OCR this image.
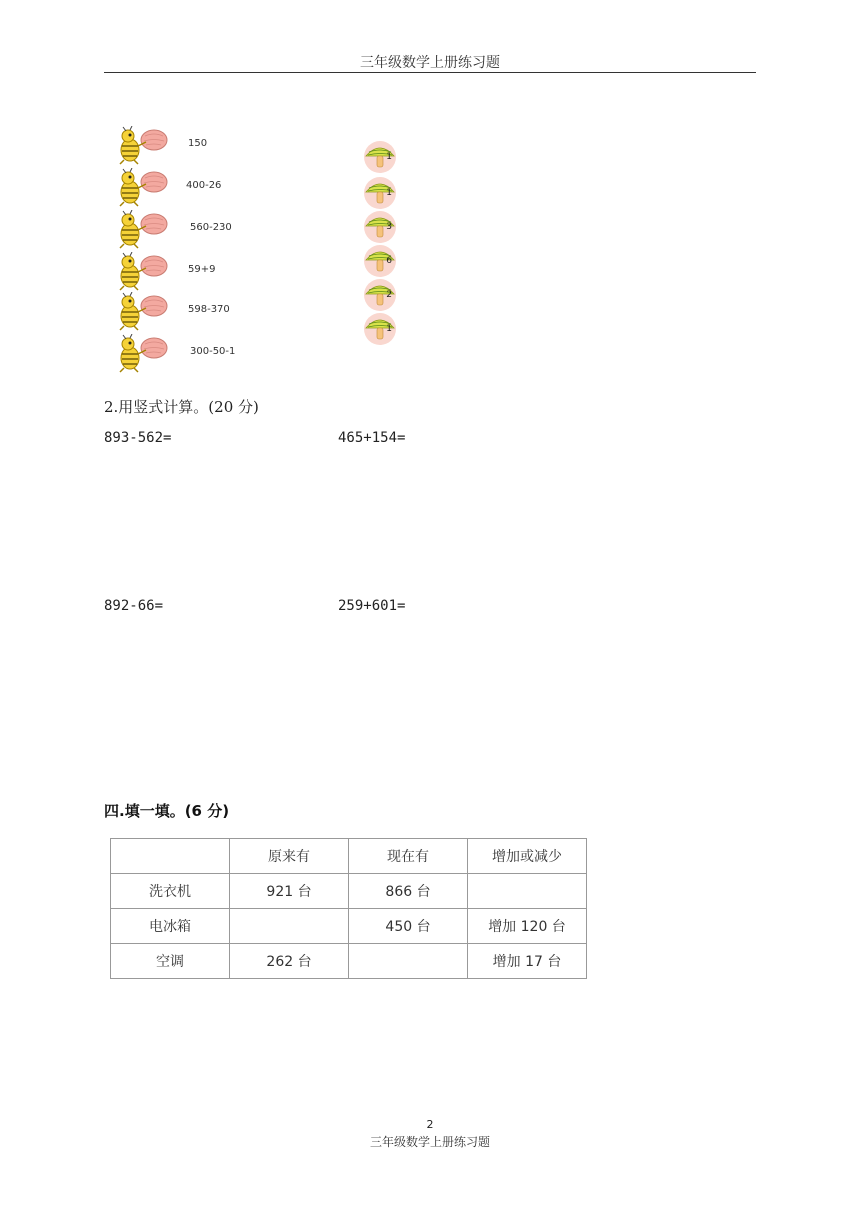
三年级数学上册练习题
150
400-26
560-230
59+9
598-370
300-50-1
1
1
3
6
2
1
2.用竖式计算。(20 分)
893-562=	465+154=
892-66=	259+601=
四.填一填。(6 分)
	原来有	现在有	增加或减少
洗衣机	921 台	866 台	
电冰箱		450 台	增加 120 台
空调	262 台		增加 17 台
2
三年级数学上册练习题
